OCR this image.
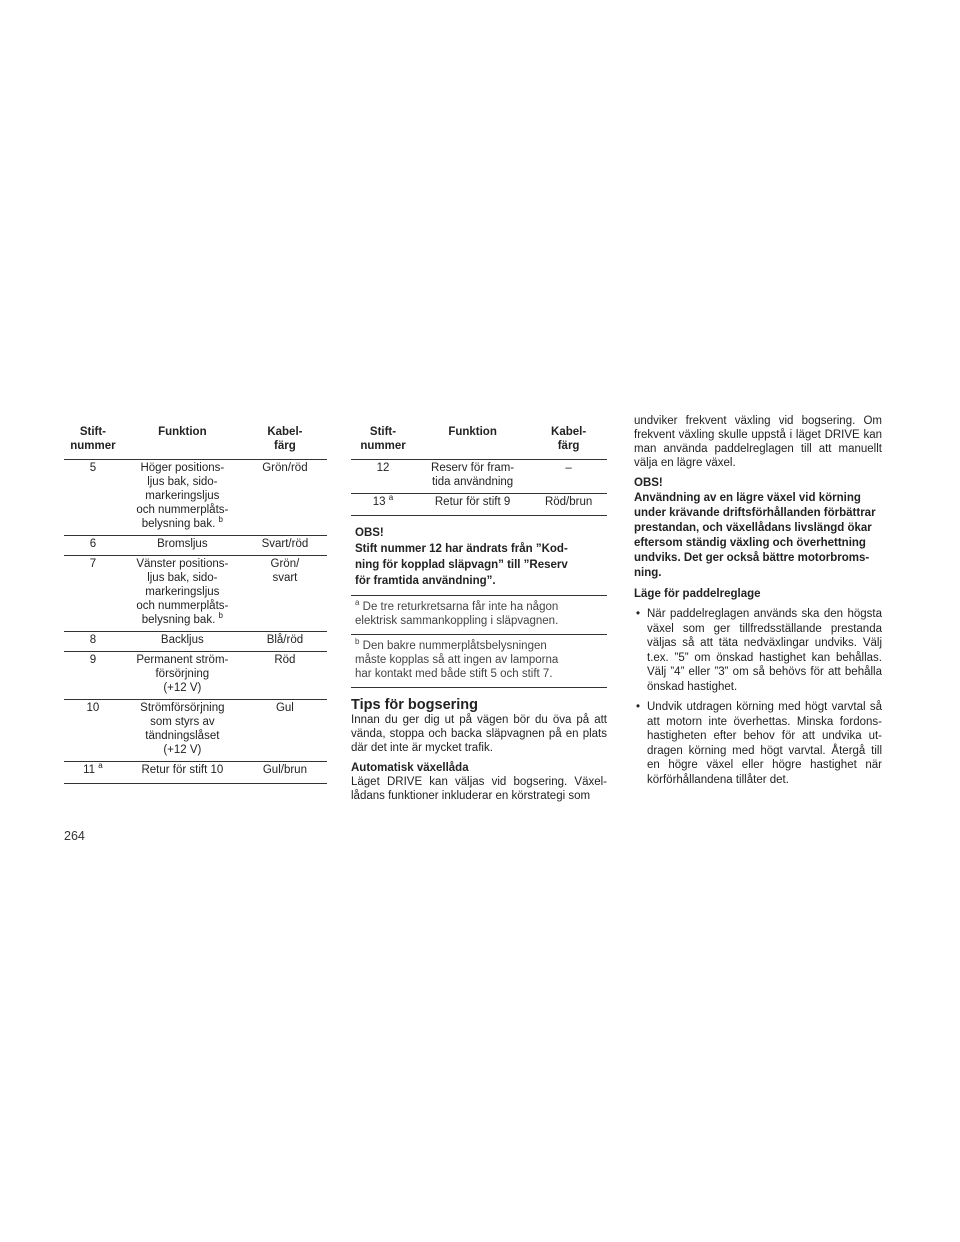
Stift-
nummer	Funktion	Kabel-
färg
5	Höger positions-
ljus bak, sido-
markeringsljus
och nummerplåts-
belysning bak. $^b$	Grön/röd
6	Bromsljus	Svart/röd
7	Vänster positions-
ljus bak, sido-
markeringsljus
och nummerplåts-
belysning bak. $^b$	Grön/
svart
8	Backljus	Blå/röd
9	Permanent ström-
försörjning
(+12 V)	Röd
10	Strömförsörjning
som styrs av
tändningslåset
(+12 V)	Gul
11 $^a$	Retur för stift 10	Gul/brun
Stift-
nummer	Funktion	Kabel-
färg
12	Reserv för fram-
tida användning	–
13 $^a$	Retur för stift 9	Röd/brun
OBS!
Stift nummer 12 har ändrats från ”Kod-
ning för kopplad släpvagn” till ”Reserv
för framtida användning”.
$^a$ De tre returkretsarna får inte ha någon
elektrisk sammankoppling i släpvagnen.
$^b$ Den bakre nummerplåtsbelysningen
måste kopplas så att ingen av lamporna
har kontakt med både stift 5 och stift 7.
Tips för bogsering

Innan du ger dig ut på vägen bör du öva på att vända, stoppa och backa släpvagnen på en plats där det inte är mycket trafik.

Automatisk växellåda
Läget DRIVE kan väljas vid bogsering. Växel-lådans funktioner inkluderar en körstrategi som

undviker frekvent växling vid bogsering. Om frekvent växling skulle uppstå i läget DRIVE kan man använda paddelreglagen till att manuellt välja en lägre växel.

OBS!
Användning av en lägre växel vid körning under krävande driftsförhållanden förbättrar prestandan, och växellådans livslängd ökar eftersom ständig växling och överhettning undviks. Det ger också bättre motorbroms-ning.

Läge för paddelreglage

• När paddelreglagen används ska den högsta växel som ger tillfredsställande prestanda väljas så att täta nedväxlingar undviks. Välj t.ex. ”5” om önskad hastighet kan behållas. Välj ”4” eller ”3” om så behövs för att behålla önskad hastighet.
• Undvik utdragen körning med högt varvtal så att motorn inte överhettas. Minska fordons-hastigheten efter behov för att undvika ut-dragen körning med högt varvtal. Återgå till en högre växel eller högre hastighet när körförhållandena tillåter det.
264
